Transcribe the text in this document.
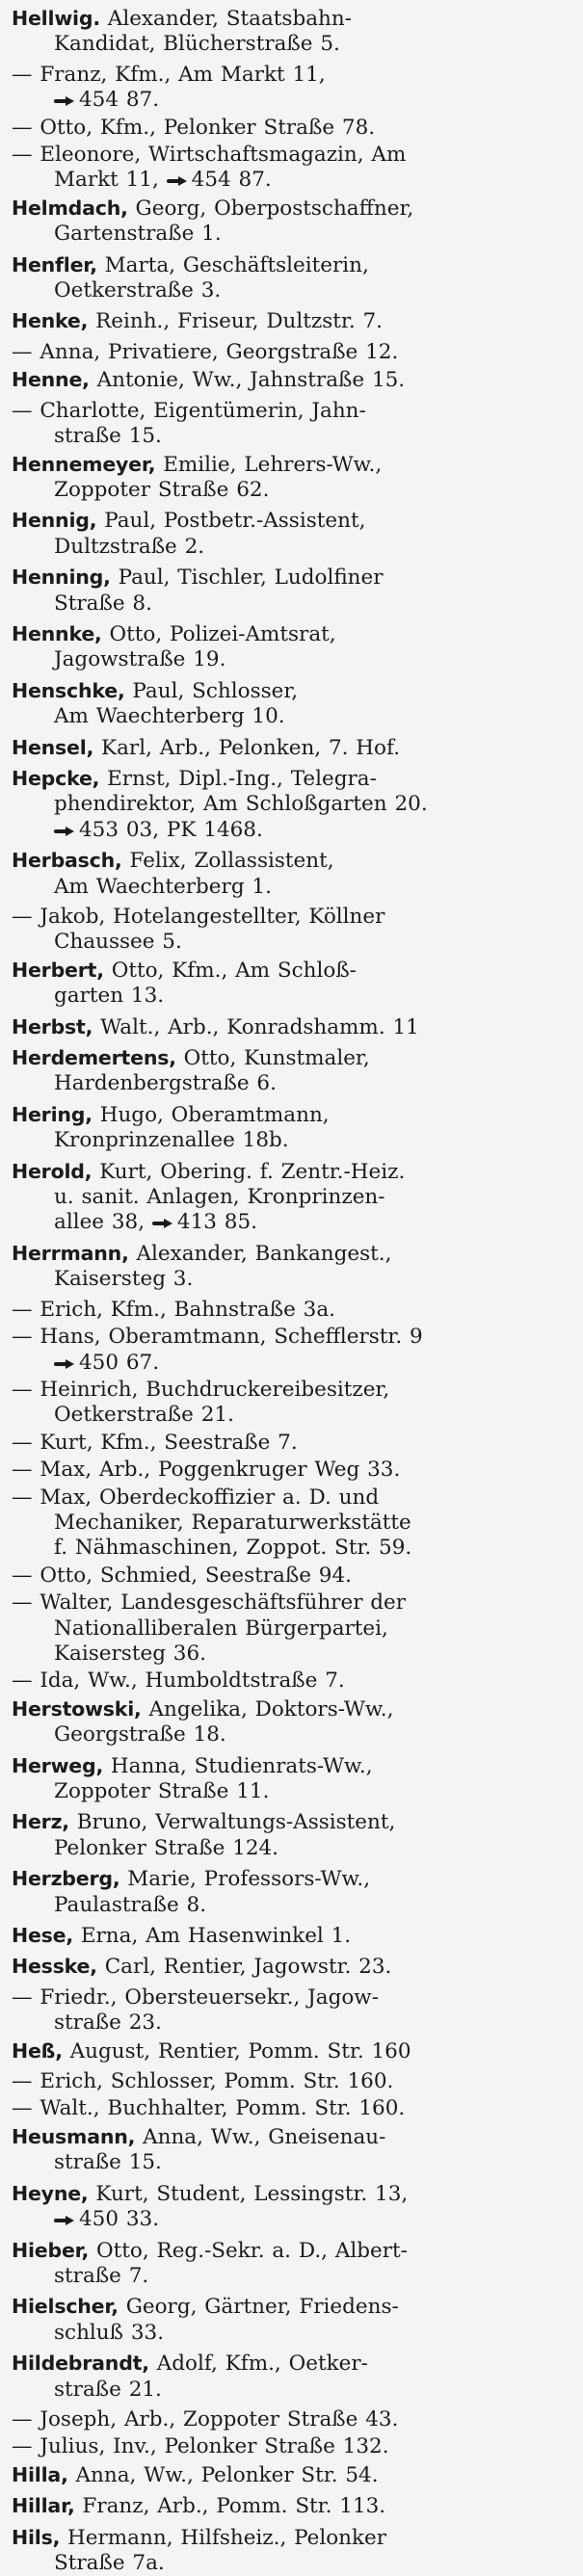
Hellwig. Alexander, Staatsbahn-
Kandidat, Blücherstraße 5.
— Franz, Kfm., Am Markt 11,
454 87.
— Otto, Kfm., Pelonker Straße 78.
— Eleonore, Wirtschaftsmagazin, Am
Markt 11, 454 87.
Helmdach, Georg, Oberpostschaffner,
Gartenstraße 1.
Henfler, Marta, Geschäftsleiterin,
Oetkerstraße 3.
Henke, Reinh., Friseur, Dultzstr. 7.
— Anna, Privatiere, Georgstraße 12.
Henne, Antonie, Ww., Jahnstraße 15.
— Charlotte, Eigentümerin, Jahn-
straße 15.
Hennemeyer, Emilie, Lehrers-Ww.,
Zoppoter Straße 62.
Hennig, Paul, Postbetr.-Assistent,
Dultzstraße 2.
Henning, Paul, Tischler, Ludolfiner
Straße 8.
Hennke, Otto, Polizei-Amtsrat,
Jagowstraße 19.
Henschke, Paul, Schlosser,
Am Waechterberg 10.
Hensel, Karl, Arb., Pelonken, 7. Hof.
Hepcke, Ernst, Dipl.-Ing., Telegra-
phendirektor, Am Schloßgarten 20.
453 03, PK 1468.
Herbasch, Felix, Zollassistent,
Am Waechterberg 1.
— Jakob, Hotelangestellter, Köllner
Chaussee 5.
Herbert, Otto, Kfm., Am Schloß-
garten 13.
Herbst, Walt., Arb., Konradshamm. 11
Herdemertens, Otto, Kunstmaler,
Hardenbergstraße 6.
Hering, Hugo, Oberamtmann,
Kronprinzenallee 18b.
Herold, Kurt, Obering. f. Zentr.-Heiz.
u. sanit. Anlagen, Kronprinzen-
allee 38, 413 85.
Herrmann, Alexander, Bankangest.,
Kaisersteg 3.
— Erich, Kfm., Bahnstraße 3a.
— Hans, Oberamtmann, Schefflerstr. 9
450 67.
— Heinrich, Buchdruckereibesitzer,
Oetkerstraße 21.
— Kurt, Kfm., Seestraße 7.
— Max, Arb., Poggenkruger Weg 33.
— Max, Oberdeckoffizier a. D. und
Mechaniker, Reparaturwerkstätte
f. Nähmaschinen, Zoppot. Str. 59.
— Otto, Schmied, Seestraße 94.
— Walter, Landesgeschäftsführer der
Nationalliberalen Bürgerpartei,
Kaisersteg 36.
— Ida, Ww., Humboldtstraße 7.
Herstowski, Angelika, Doktors-Ww.,
Georgstraße 18.
Herweg, Hanna, Studienrats-Ww.,
Zoppoter Straße 11.
Herz, Bruno, Verwaltungs-Assistent,
Pelonker Straße 124.
Herzberg, Marie, Professors-Ww.,
Paulastraße 8.
Hese, Erna, Am Hasenwinkel 1.
Hesske, Carl, Rentier, Jagowstr. 23.
— Friedr., Obersteuersekr., Jagow-
straße 23.
Heß, August, Rentier, Pomm. Str. 160
— Erich, Schlosser, Pomm. Str. 160.
— Walt., Buchhalter, Pomm. Str. 160.
Heusmann, Anna, Ww., Gneisenau-
straße 15.
Heyne, Kurt, Student, Lessingstr. 13,
450 33.
Hieber, Otto, Reg.-Sekr. a. D., Albert-
straße 7.
Hielscher, Georg, Gärtner, Friedens-
schluß 33.
Hildebrandt, Adolf, Kfm., Oetker-
straße 21.
— Joseph, Arb., Zoppoter Straße 43.
— Julius, Inv., Pelonker Straße 132.
Hilla, Anna, Ww., Pelonker Str. 54.
Hillar, Franz, Arb., Pomm. Str. 113.
Hils, Hermann, Hilfsheiz., Pelonker
Straße 7a.
